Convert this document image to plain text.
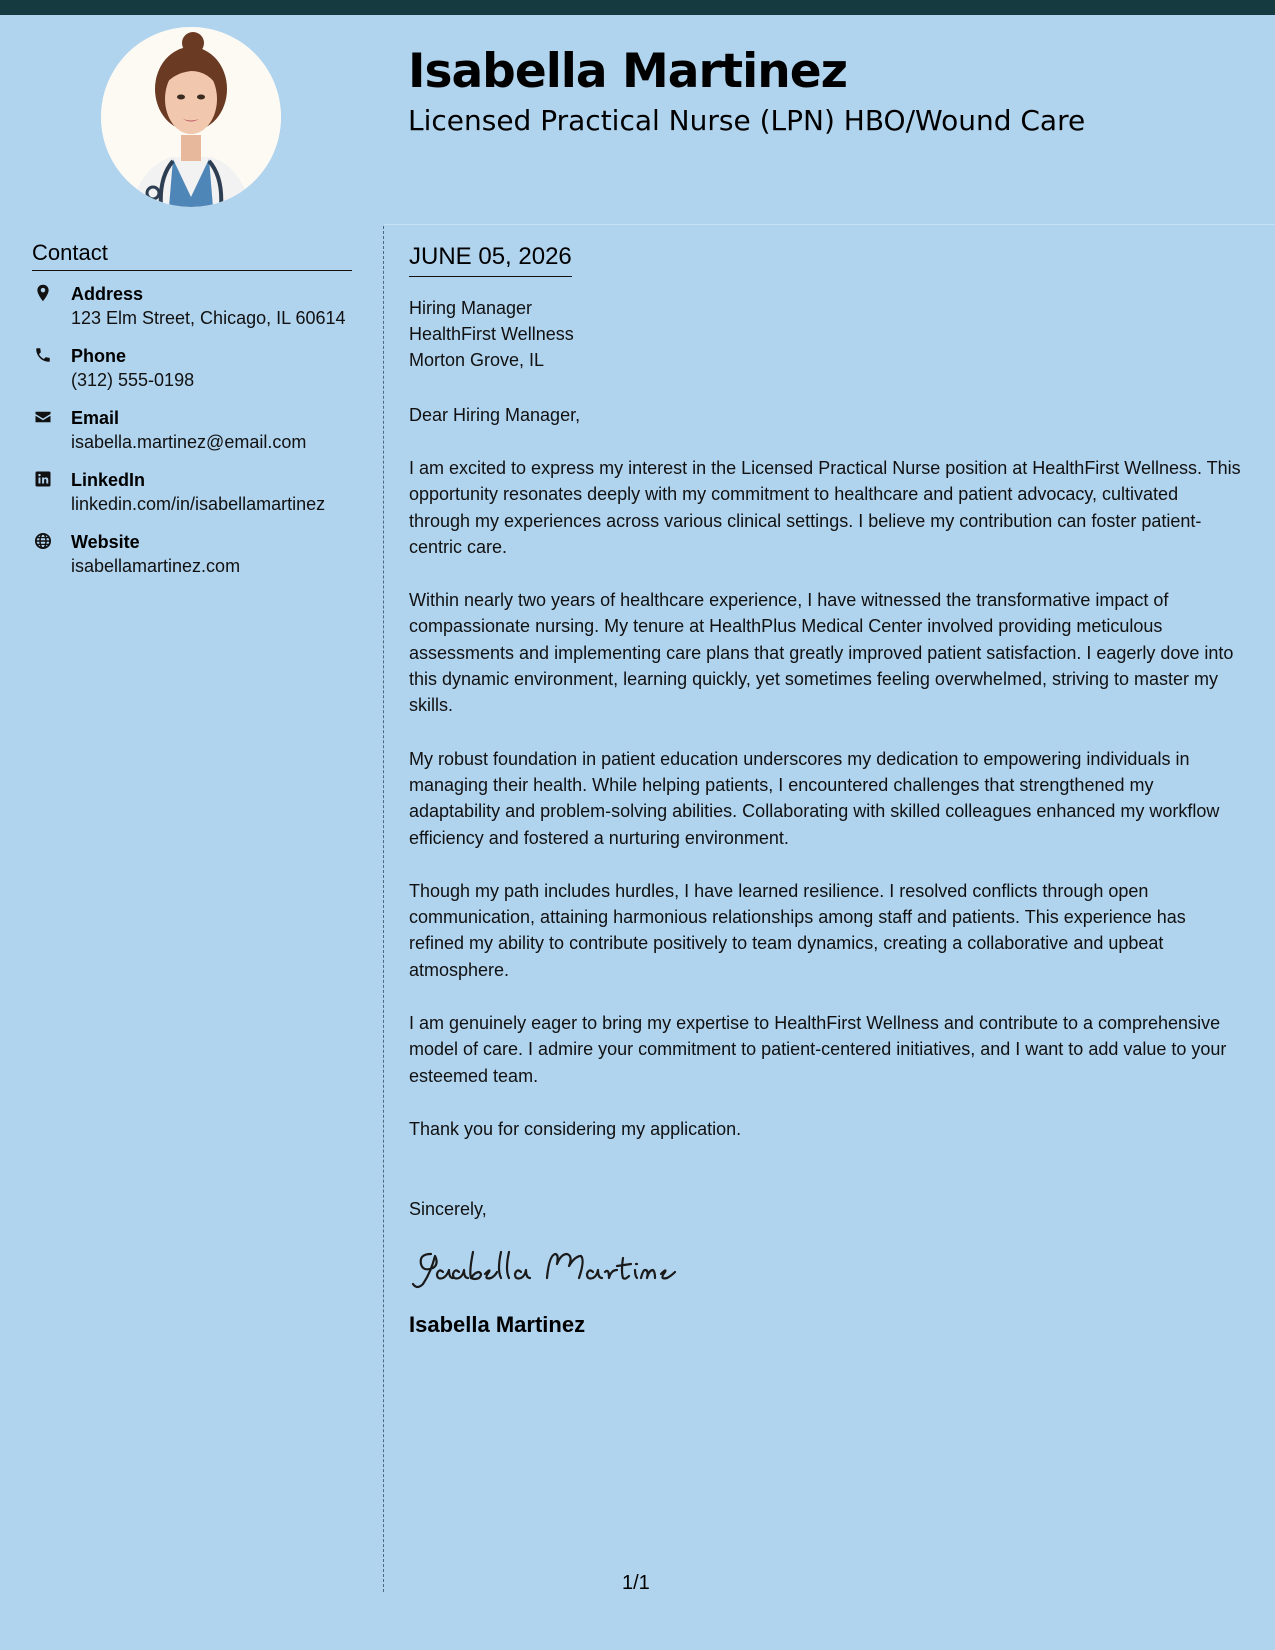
Isabella Martinez
Licensed Practical Nurse (LPN) HBO/Wound Care
Contact
Address
123 Elm Street, Chicago, IL 60614
Phone
(312) 555-0198
Email
isabella.martinez@email.com
LinkedIn
linkedin.com/in/isabellamartinez
Website
isabellamartinez.com
JUNE 05, 2026
Hiring Manager
HealthFirst Wellness
Morton Grove, IL

Dear Hiring Manager,

I am excited to express my interest in the Licensed Practical Nurse position at HealthFirst Wellness. This opportunity resonates deeply with my commitment to healthcare and patient advocacy, cultivated through my experiences across various clinical settings. I believe my contribution can foster patient-centric care.

Within nearly two years of healthcare experience, I have witnessed the transformative impact of compassionate nursing. My tenure at HealthPlus Medical Center involved providing meticulous assessments and implementing care plans that greatly improved patient satisfaction. I eagerly dove into this dynamic environment, learning quickly, yet sometimes feeling overwhelmed, striving to master my skills.

My robust foundation in patient education underscores my dedication to empowering individuals in managing their health. While helping patients, I encountered challenges that strengthened my adaptability and problem-solving abilities. Collaborating with skilled colleagues enhanced my workflow efficiency and fostered a nurturing environment.

Though my path includes hurdles, I have learned resilience. I resolved conflicts through open communication, attaining harmonious relationships among staff and patients. This experience has refined my ability to contribute positively to team dynamics, creating a collaborative and upbeat atmosphere.

I am genuinely eager to bring my expertise to HealthFirst Wellness and contribute to a comprehensive model of care. I admire your commitment to patient-centered initiatives, and I want to add value to your esteemed team.

Thank you for considering my application.

Sincerely,

Isabella Martinez
1/1
